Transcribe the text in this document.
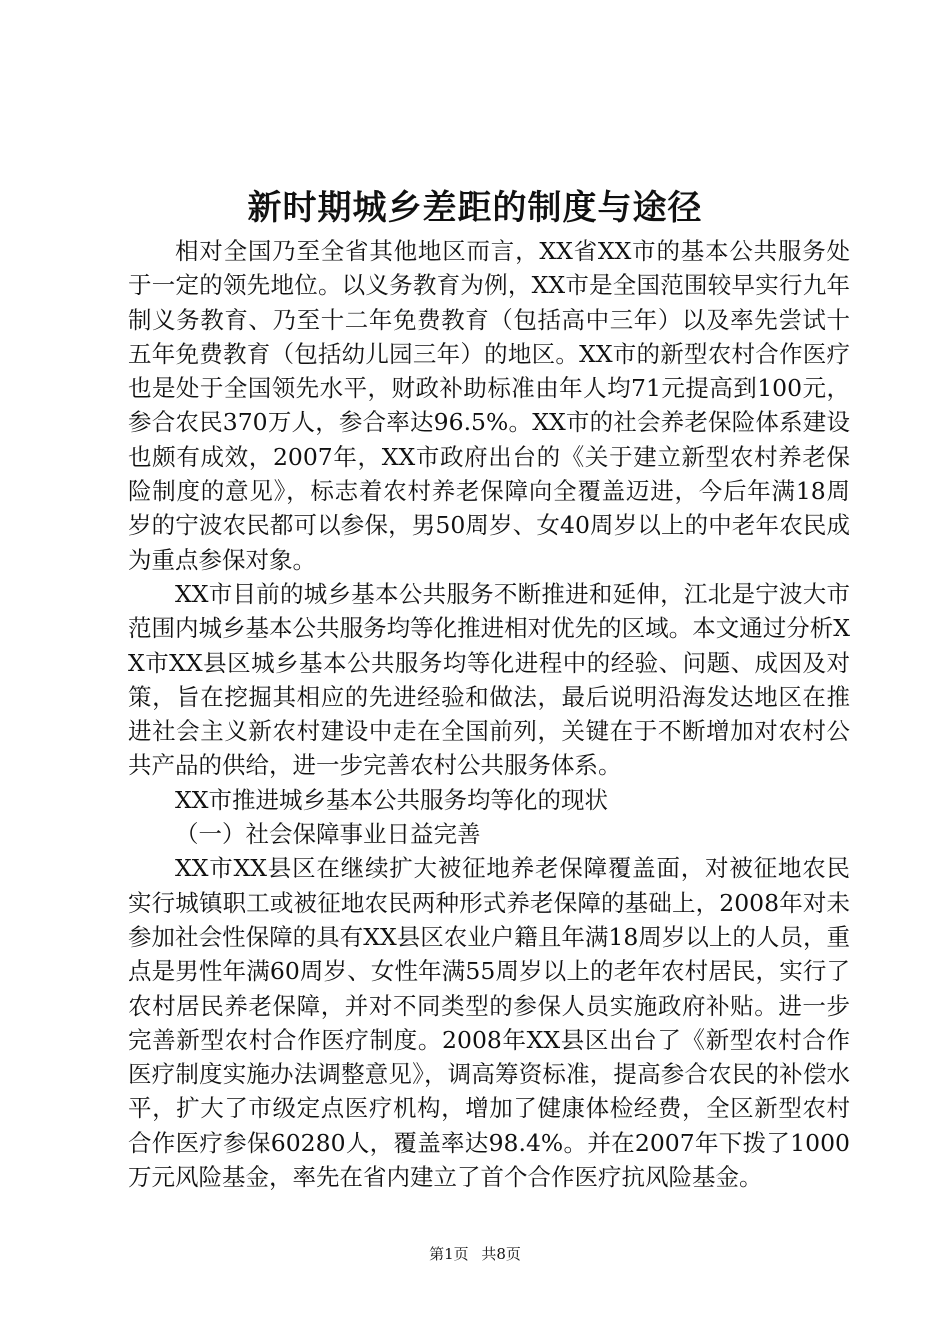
新时期城乡差距的制度与途径

相对全国乃至全省其他地区而言，XX省XX市的基本公共服务处于一定的领先地位。以义务教育为例，XX市是全国范围较早实行九年制义务教育、乃至十二年免费教育（包括高中三年）以及率先尝试十五年免费教育（包括幼儿园三年）的地区。XX市的新型农村合作医疗也是处于全国领先水平，财政补助标准由年人均71元提高到100元，参合农民370万人，参合率达96.5%。XX市的社会养老保险体系建设也颇有成效，2007年，XX市政府出台的《关于建立新型农村养老保险制度的意见》，标志着农村养老保障向全覆盖迈进，今后年满18周岁的宁波农民都可以参保，男50周岁、女40周岁以上的中老年农民成为重点参保对象。

XX市目前的城乡基本公共服务不断推进和延伸，江北是宁波大市范围内城乡基本公共服务均等化推进相对优先的区域。本文通过分析XX市XX县区城乡基本公共服务均等化进程中的经验、问题、成因及对策，旨在挖掘其相应的先进经验和做法，最后说明沿海发达地区在推进社会主义新农村建设中走在全国前列，关键在于不断增加对农村公共产品的供给，进一步完善农村公共服务体系。

XX市推进城乡基本公共服务均等化的现状

（一）社会保障事业日益完善

XX市XX县区在继续扩大被征地养老保障覆盖面，对被征地农民实行城镇职工或被征地农民两种形式养老保障的基础上，2008年对未参加社会性保障的具有XX县区农业户籍且年满18周岁以上的人员，重点是男性年满60周岁、女性年满55周岁以上的老年农村居民，实行了农村居民养老保障，并对不同类型的参保人员实施政府补贴。进一步完善新型农村合作医疗制度。2008年XX县区出台了《新型农村合作医疗制度实施办法调整意见》，调高筹资标准，提高参合农民的补偿水平，扩大了市级定点医疗机构，增加了健康体检经费，全区新型农村合作医疗参保60280人，覆盖率达98.4%。并在2007年下拨了1000万元风险基金，率先在省内建立了首个合作医疗抗风险基金。

第1页 共8页
